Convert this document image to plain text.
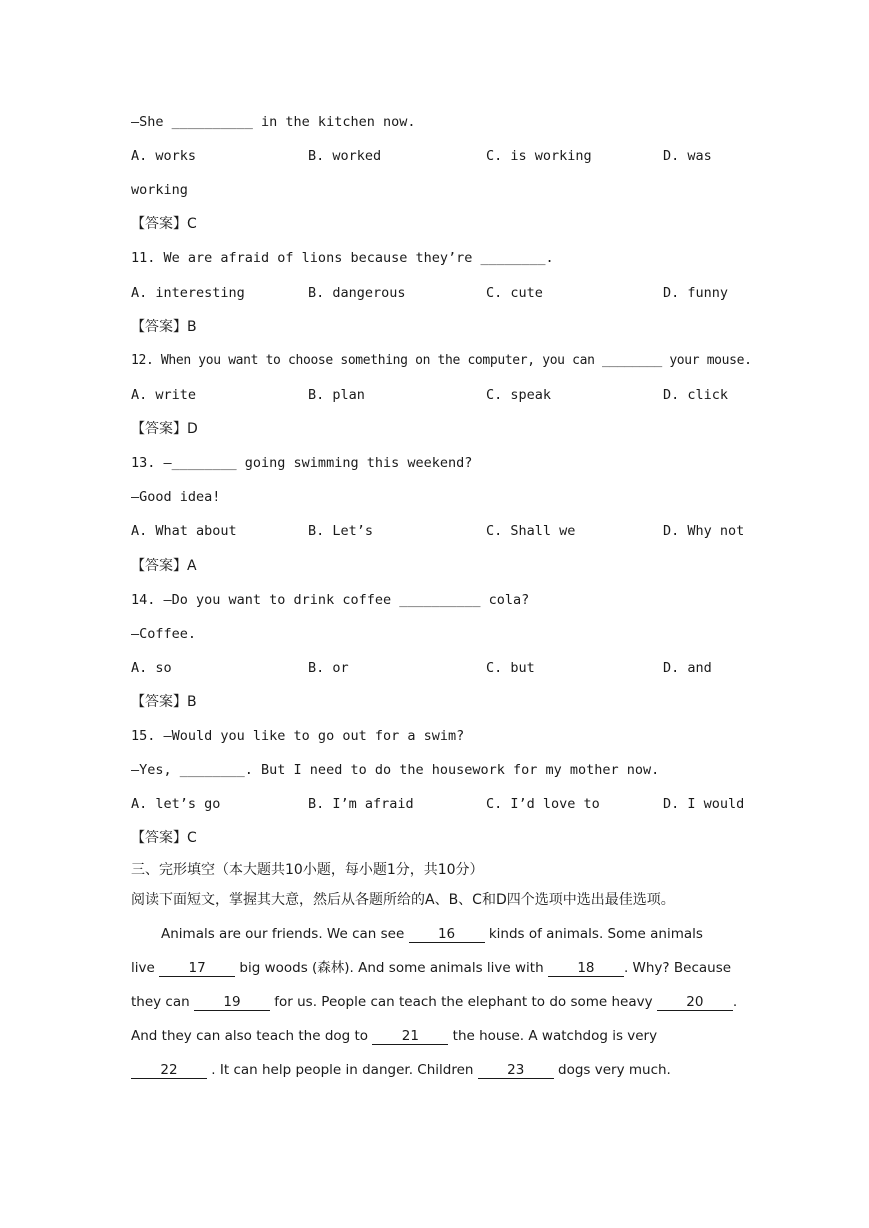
—She __________ in the kitchen now.
A. works	B. worked	C. is working	D. was
working
【答案】C
11. We are afraid of lions because they’re ________.
A. interesting	B. dangerous	C. cute	D. funny
【答案】B
12. When you want to choose something on the computer, you can ________ your mouse.
A. write	B. plan	C. speak	D. click
【答案】D
13. —________ going swimming this weekend?
—Good idea!
A. What about	B. Let’s	C. Shall we	D. Why not
【答案】A
14. —Do you want to drink coffee __________ cola?
—Coffee.
A. so	B. or	C. but	D. and
【答案】B
15. —Would you like to go out for a swim?
—Yes, ________. But I need to do the housework for my mother now.
A. let’s go	B. I’m afraid	C. I’d love to	D. I would
【答案】C
三、完形填空（本大题共10小题，每小题1分，共10分）
阅读下面短文，掌握其大意，然后从各题所给的A、B、C和D四个选项中选出最佳选项。
Animals are our friends. We can see 16 kinds of animals. Some animals
live 17 big woods (森林). And some animals live with 18 . Why? Because
they can 19 for us. People can teach the elephant to do some heavy 20 .
And they can also teach the dog to 21 the house. A watchdog is very
22 . It can help people in danger. Children 23 dogs very much.
